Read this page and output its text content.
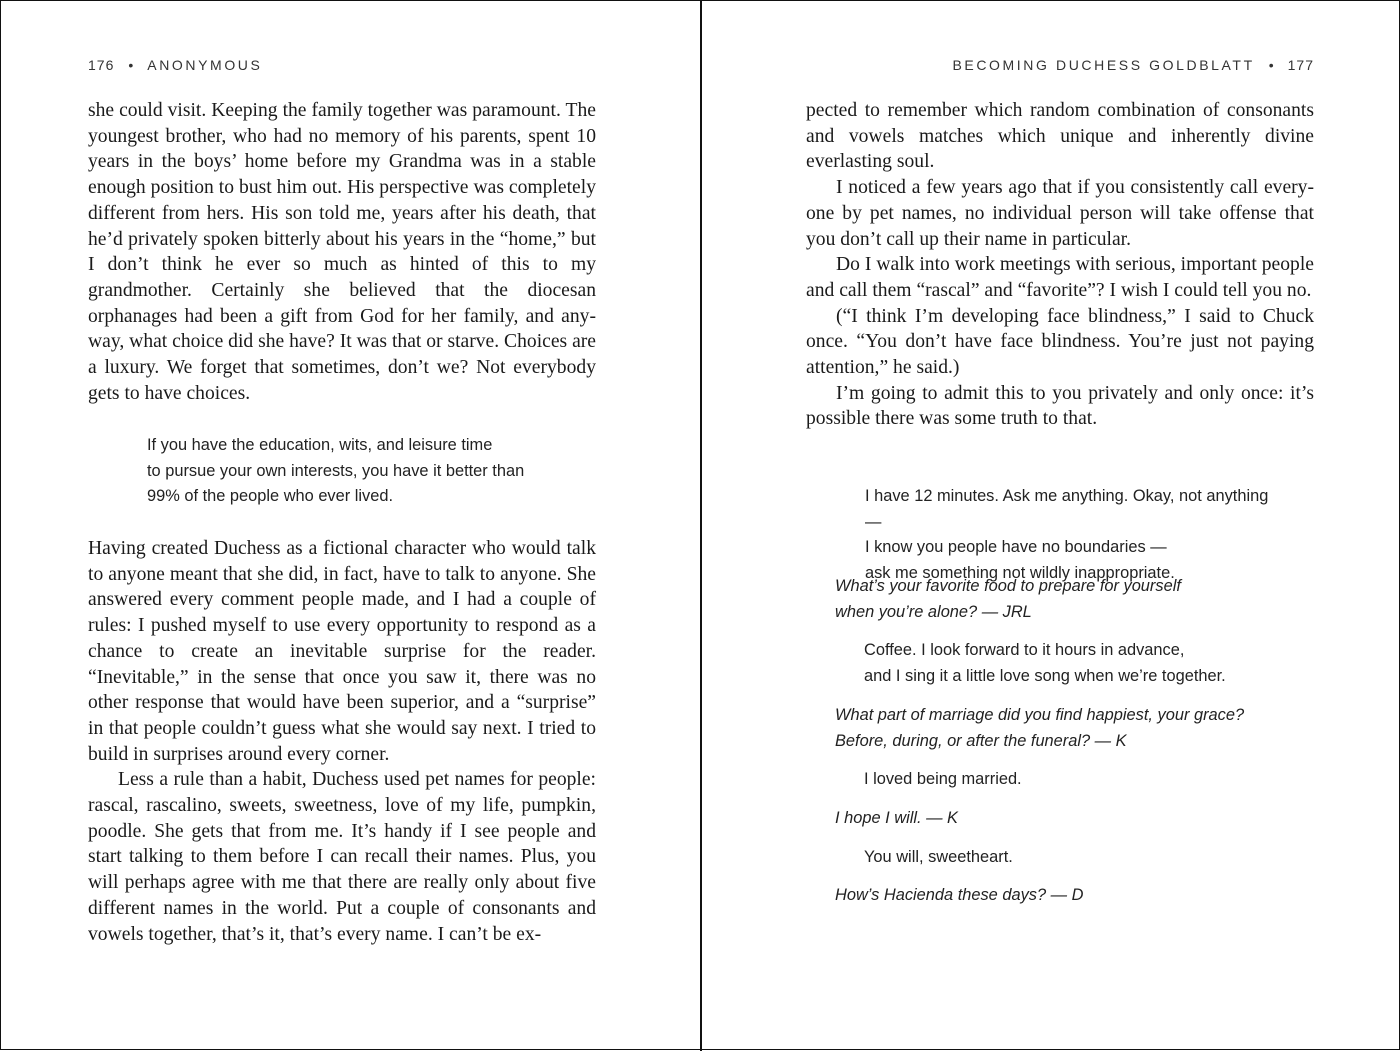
176 • ANONYMOUS

she could visit. Keeping the family together was paramount. The youngest brother, who had no memory of his parents, spent 10 years in the boys’ home before my Grandma was in a stable enough position to bust him out. His perspective was completely different from hers. His son told me, years after his death, that he’d privately spoken bitterly about his years in the “home,” but I don’t think he ever so much as hinted of this to my grandmother. Certainly she believed that the diocesan orphanages had been a gift from God for her family, and anyway, what choice did she have? It was that or starve. Choices are a luxury. We forget that sometimes, don’t we? Not everybody gets to have choices.

If you have the education, wits, and leisure time
to pursue your own interests, you have it better than
99% of the people who ever lived.

Having created Duchess as a fictional character who would talk to anyone meant that she did, in fact, have to talk to anyone. She answered every comment people made, and I had a couple of rules: I pushed myself to use every opportunity to respond as a chance to create an inevitable surprise for the reader. “Inevitable,” in the sense that once you saw it, there was no other response that would have been superior, and a “surprise” in that people couldn’t guess what she would say next. I tried to build in surprises around every corner.

Less a rule than a habit, Duchess used pet names for people: rascal, rascalino, sweets, sweetness, love of my life, pumpkin, poodle. She gets that from me. It’s handy if I see people and start talking to them before I can recall their names. Plus, you will perhaps agree with me that there are really only about five different names in the world. Put a couple of consonants and vowels together, that’s it, that’s every name. I can’t be ex-

BECOMING DUCHESS GOLDBLATT • 177

pected to remember which random combination of consonants and vowels matches which unique and inherently divine everlasting soul.

I noticed a few years ago that if you consistently call everyone by pet names, no individual person will take offense that you don’t call up their name in particular.

Do I walk into work meetings with serious, important people and call them “rascal” and “favorite”? I wish I could tell you no.

(“I think I’m developing face blindness,” I said to Chuck once. “You don’t have face blindness. You’re just not paying attention,” he said.)

I’m going to admit this to you privately and only once: it’s possible there was some truth to that.

I have 12 minutes. Ask me anything. Okay, not anything —
I know you people have no boundaries —
ask me something not wildly inappropriate.
What’s your favorite food to prepare for yourself
when you’re alone? — JRL
Coffee. I look forward to it hours in advance,
and I sing it a little love song when we’re together.
What part of marriage did you find happiest, your grace?
Before, during, or after the funeral? — K
I loved being married.
I hope I will. — K
You will, sweetheart.
How’s Hacienda these days? — D
